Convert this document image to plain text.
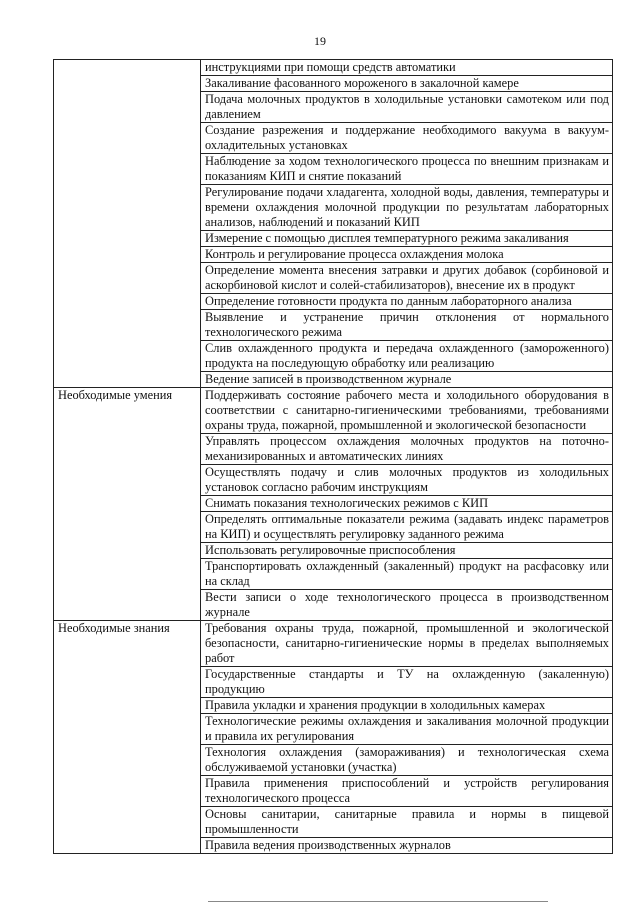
19
	инструкциями при помощи средств автоматики
	Закаливание фасованного мороженого в закалочной камере
	Подача молочных продуктов в холодильные установки самотеком или под давлением
	Создание разрежения и поддержание необходимого вакуума в вакуум-охладительных установках
	Наблюдение за ходом технологического процесса по внешним признакам и показаниям КИП и снятие показаний
	Регулирование подачи хладагента, холодной воды, давления, температуры и времени охлаждения молочной продукции по результатам лабораторных анализов, наблюдений и показаний КИП
	Измерение с помощью дисплея температурного режима закаливания
	Контроль и регулирование процесса охлаждения молока
	Определение момента внесения затравки и других добавок (сорбиновой и аскорбиновой кислот и солей-стабилизаторов), внесение их в продукт
	Определение готовности продукта по данным лабораторного анализа
	Выявление и устранение причин отклонения от нормального технологического режима
	Слив охлажденного продукта и передача охлажденного (замороженного) продукта на последующую обработку или реализацию
	Ведение записей в производственном журнале
Необходимые умения	Поддерживать состояние рабочего места и холодильного оборудования в соответствии с санитарно-гигиеническими требованиями, требованиями охраны труда, пожарной, промышленной и экологической безопасности
	Управлять процессом охлаждения молочных продуктов на поточно-механизированных и автоматических линиях
	Осуществлять подачу и слив молочных продуктов из холодильных установок согласно рабочим инструкциям
	Снимать показания технологических режимов с КИП
	Определять оптимальные показатели режима (задавать индекс параметров на КИП) и осуществлять регулировку заданного режима
	Использовать регулировочные приспособления
	Транспортировать охлажденный (закаленный) продукт на расфасовку или на склад
	Вести записи о ходе технологического процесса в производственном журнале
Необходимые знания	Требования охраны труда, пожарной, промышленной и экологической безопасности, санитарно-гигиенические нормы в пределах выполняемых работ
	Государственные стандарты и ТУ на охлажденную (закаленную) продукцию
	Правила укладки и хранения продукции в холодильных камерах
	Технологические режимы охлаждения и закаливания молочной продукции и правила их регулирования
	Технология охлаждения (замораживания) и технологическая схема обслуживаемой установки (участка)
	Правила применения приспособлений и устройств регулирования технологического процесса
	Основы санитарии, санитарные правила и нормы в пищевой промышленности
	Правила ведения производственных журналов
